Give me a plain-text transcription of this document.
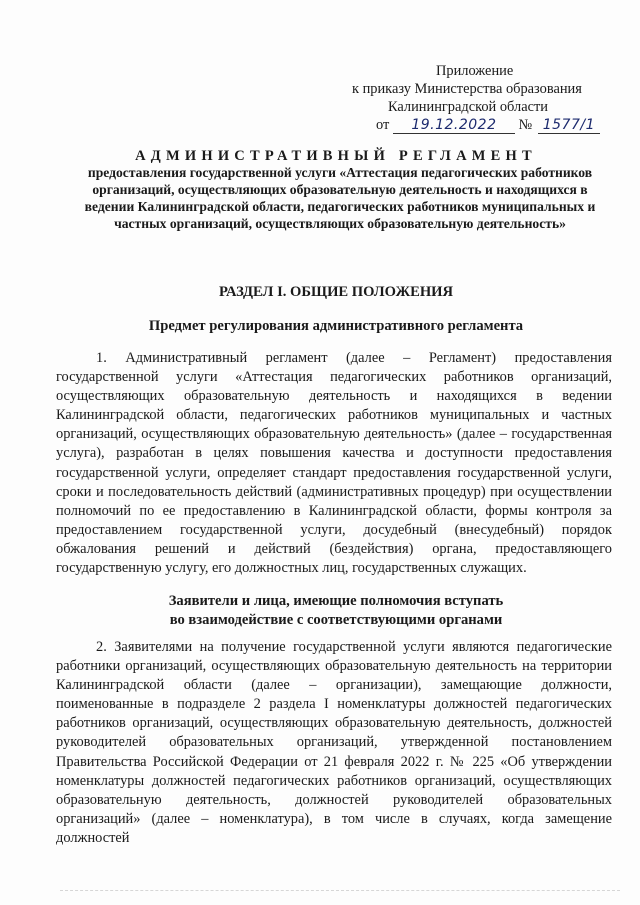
Приложение
к приказу Министерства образования
Калининградской области
от 19.12.2022 № 1577/1
АДМИНИСТРАТИВНЫЙ РЕГЛАМЕНТ
предоставления государственной услуги «Аттестация педагогических работников организаций, осуществляющих образовательную деятельность и находящихся в ведении Калининградской области, педагогических работников муниципальных и частных организаций, осуществляющих образовательную деятельность»
РАЗДЕЛ I. ОБЩИЕ ПОЛОЖЕНИЯ
Предмет регулирования административного регламента
1. Административный регламент (далее – Регламент) предоставления государственной услуги «Аттестация педагогических работников организаций, осуществляющих образовательную деятельность и находящихся в ведении Калининградской области, педагогических работников муниципальных и частных организаций, осуществляющих образовательную деятельность» (далее – государственная услуга), разработан в целях повышения качества и доступности предоставления государственной услуги, определяет стандарт предоставления государственной услуги, сроки и последовательность действий (административных процедур) при осуществлении полномочий по ее предоставлению в Калининградской области, формы контроля за предоставлением государственной услуги, досудебный (внесудебный) порядок обжалования решений и действий (бездействия) органа, предоставляющего государственную услугу, его должностных лиц, государственных служащих.
Заявители и лица, имеющие полномочия вступать
во взаимодействие с соответствующими органами
2. Заявителями на получение государственной услуги являются педагогические работники организаций, осуществляющих образовательную деятельность на территории Калининградской области (далее – организации), замещающие должности, поименованные в подразделе 2 раздела I номенклатуры должностей педагогических работников организаций, осуществляющих образовательную деятельность, должностей руководителей образовательных организаций, утвержденной постановлением Правительства Российской Федерации от 21 февраля 2022 г. № 225 «Об утверждении номенклатуры должностей педагогических работников организаций, осуществляющих образовательную деятельность, должностей руководителей образовательных организаций» (далее – номенклатура), в том числе в случаях, когда замещение должностей
